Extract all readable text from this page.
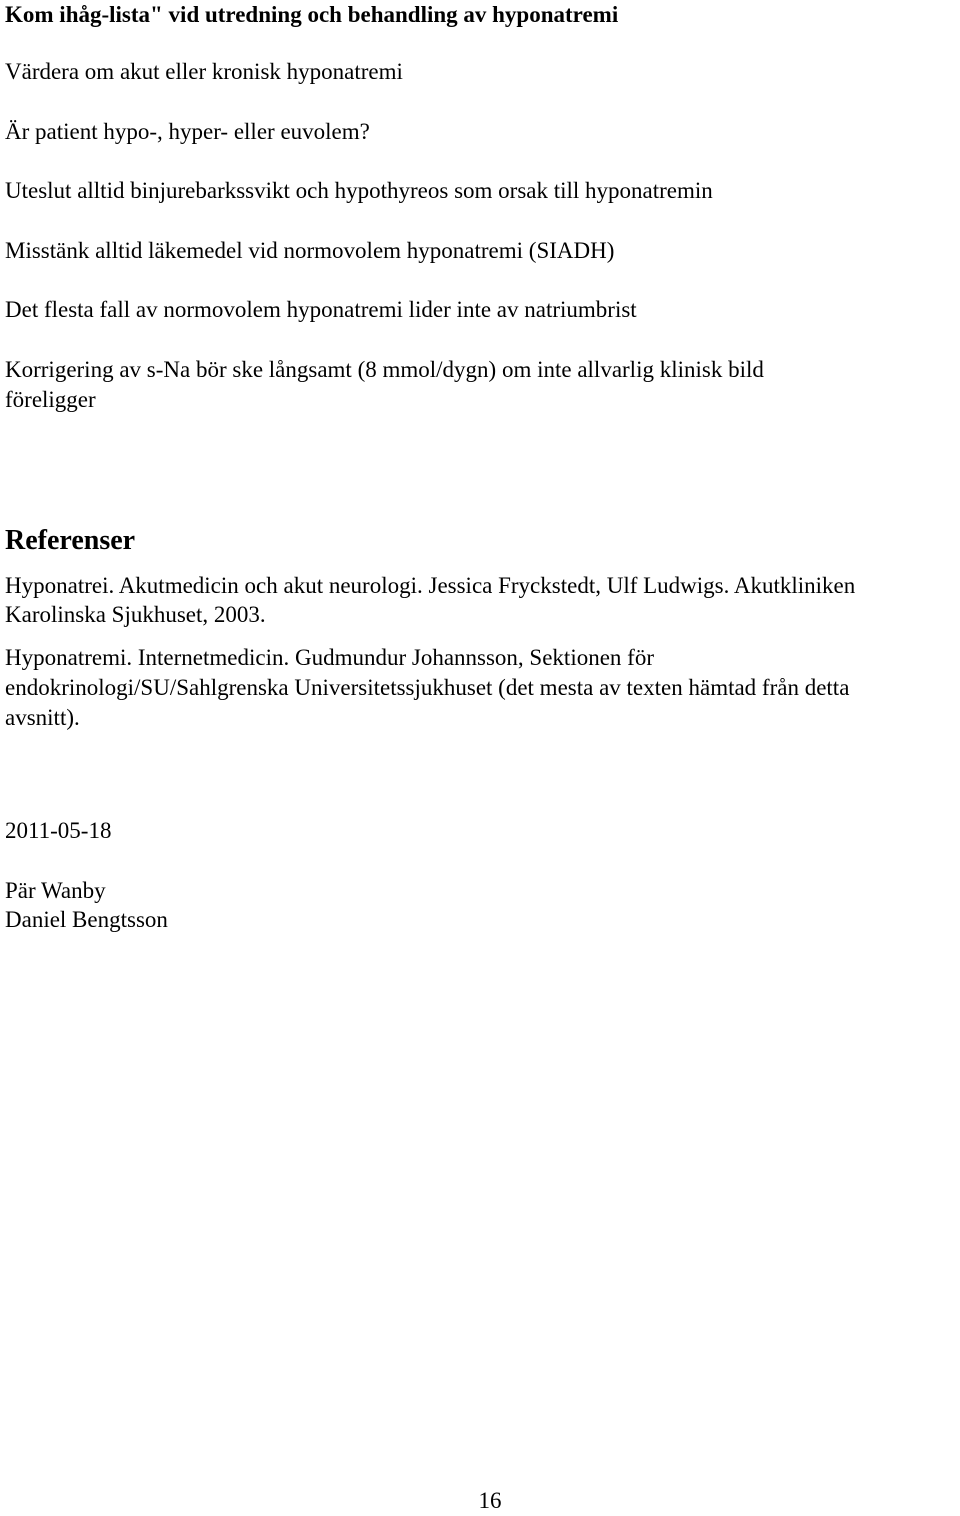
Kom ihåg-lista" vid utredning och behandling av hyponatremi
Värdera om akut eller kronisk hyponatremi
Är patient hypo-, hyper- eller euvolem?
Uteslut alltid binjurebarkssvikt och hypothyreos som orsak till hyponatremin
Misstänk alltid läkemedel vid normovolem hyponatremi (SIADH)
Det flesta fall av normovolem hyponatremi lider inte av natriumbrist
Korrigering av s-Na bör ske långsamt (8 mmol/dygn) om inte allvarlig klinisk bild föreligger
Referenser
Hyponatrei. Akutmedicin och akut neurologi. Jessica Fryckstedt, Ulf Ludwigs. Akutkliniken
Karolinska Sjukhuset, 2003.
Hyponatremi. Internetmedicin. Gudmundur Johannsson, Sektionen för
endokrinologi/SU/Sahlgrenska Universitetssjukhuset (det mesta av texten hämtad från detta
avsnitt).
2011-05-18
Pär Wanby
Daniel Bengtsson
16
